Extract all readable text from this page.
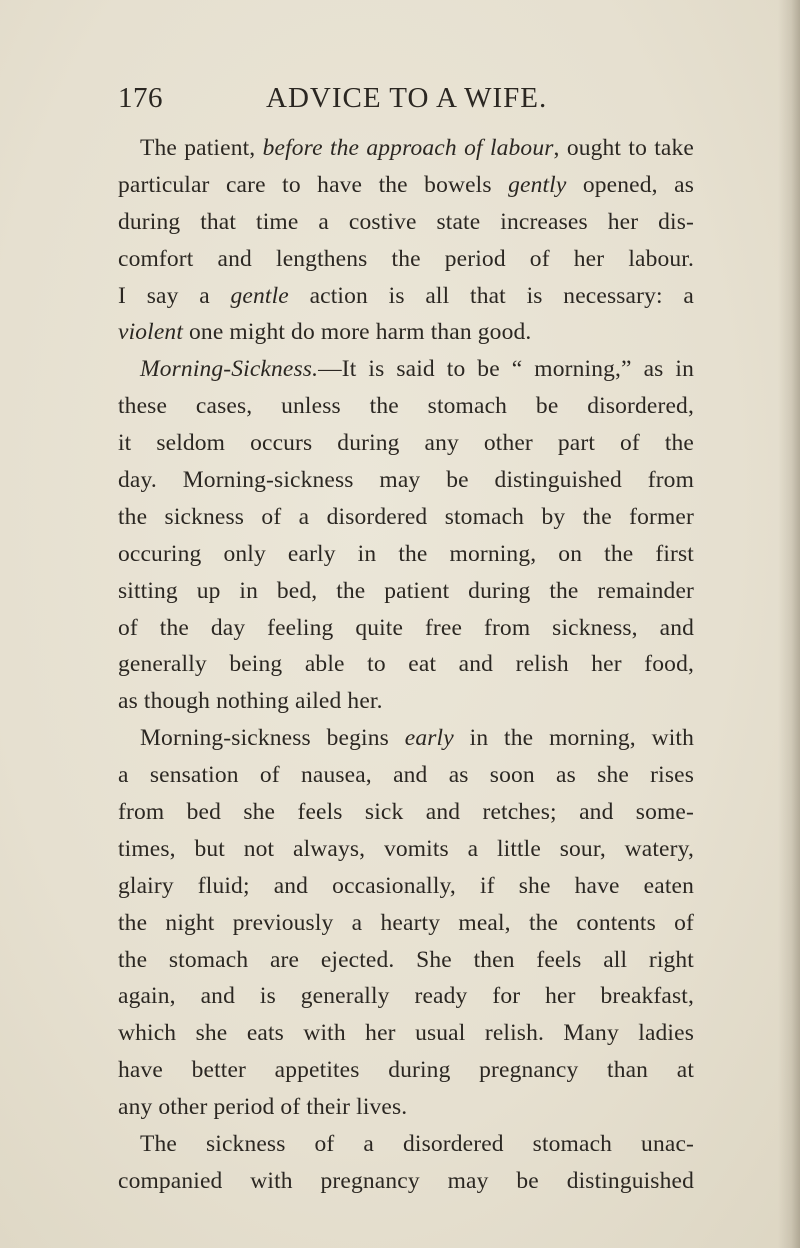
176	ADVICE TO A WIFE.
The patient, before the approach of labour, ought to take
particular care to have the bowels gently opened, as
during that time a costive state increases her dis-
comfort and lengthens the period of her labour.
I say a gentle action is all that is necessary: a
violent one might do more harm than good.
Morning-Sickness.—It is said to be “ morning,” as in
these cases, unless the stomach be disordered,
it seldom occurs during any other part of the
day. Morning-sickness may be distinguished from
the sickness of a disordered stomach by the former
occuring only early in the morning, on the first
sitting up in bed, the patient during the remainder
of the day feeling quite free from sickness, and
generally being able to eat and relish her food,
as though nothing ailed her.
Morning-sickness begins early in the morning, with
a sensation of nausea, and as soon as she rises
from bed she feels sick and retches; and some-
times, but not always, vomits a little sour, watery,
glairy fluid; and occasionally, if she have eaten
the night previously a hearty meal, the contents of
the stomach are ejected. She then feels all right
again, and is generally ready for her breakfast,
which she eats with her usual relish. Many ladies
have better appetites during pregnancy than at
any other period of their lives.
The sickness of a disordered stomach unac-
companied with pregnancy may be distinguished
